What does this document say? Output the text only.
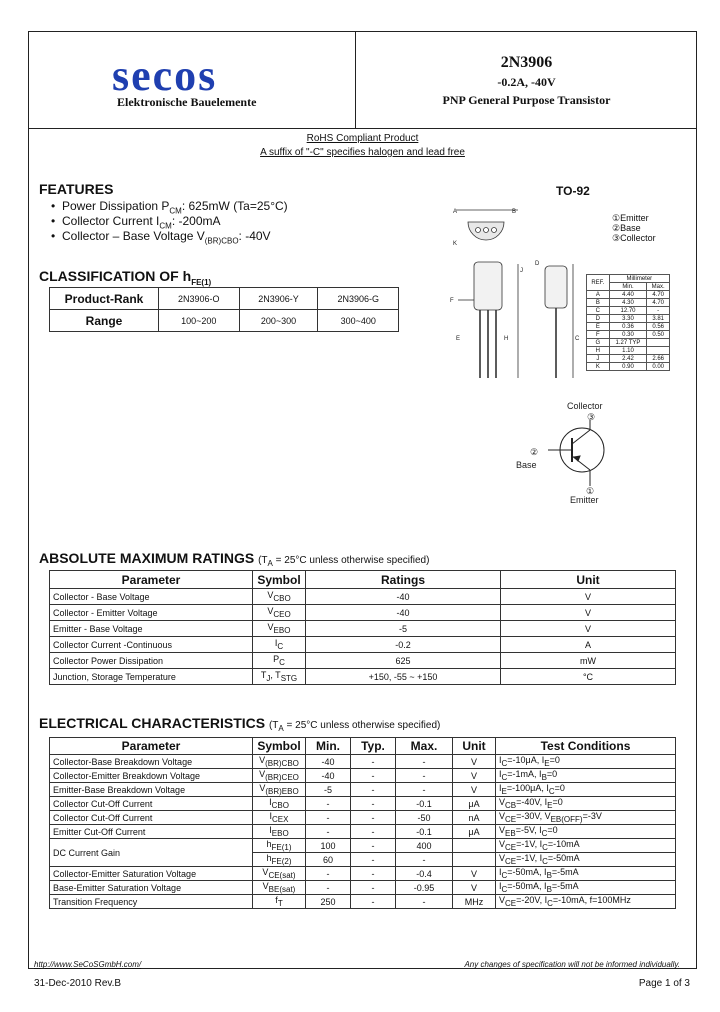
secos
Elektronische Bauelemente
2N3906
-0.2A, -40V
PNP General Purpose Transistor
RoHS Compliant Product
A suffix of "-C" specifies halogen and lead free
FEATURES
• Power Dissipation $P_{CM}$: 625mW (Ta=25°C)
• Collector Current $I_{CM}$: -200mA
• Collector – Base Voltage $V_{(BR)CBO}$: -40V
CLASSIFICATION OF $h_{FE(1)}$
Product-Rank	2N3906-O	2N3906-Y	2N3906-G
Range	100~200	200~300	300~400
TO-92
A	B
K
J
F
E	H
D
C
①Emitter
②Base
③Collector
REF.	Millimeter	
	Min.	Max.
A	4.40	4.70
B	4.30	4.70
C	12.70	-
D	3.30	3.81
E	0.36	0.56
F	0.30	0.50
G	1.27 TYP	
H	1.10	
J	2.42	2.66
K	0.90	0.00
Collector
③
②
Base
①
Emitter
ABSOLUTE MAXIMUM RATINGS ($T_A = 25^\circ C$ unless otherwise specified)
Parameter	Symbol	Ratings	Unit
Collector - Base Voltage	$V_{CBO}$	-40	V
Collector - Emitter Voltage	$V_{CEO}$	-40	V
Emitter - Base Voltage	$V_{EBO}$	-5	V
Collector Current -Continuous	$I_C$	-0.2	A
Collector Power Dissipation	$P_C$	625	mW
Junction, Storage Temperature	$T_J$, $T_{STG}$	+150, -55 ~ +150	°C
ELECTRICAL CHARACTERISTICS ($T_A = 25^\circ C$ unless otherwise specified)
Parameter	Symbol	Min.	Typ.	Max.	Unit	Test Conditions
Collector-Base Breakdown Voltage	$V_{(BR)CBO}$	-40	-	-	V	$I_C=-10\mu A$, $I_E=0$
Collector-Emitter Breakdown Voltage	$V_{(BR)CEO}$	-40	-	-	V	$I_C=-1mA$, $I_B=0$
Emitter-Base Breakdown Voltage	$V_{(BR)EBO}$	-5	-	-	V	$I_E=-100\mu A$, $I_C=0$
Collector Cut-Off Current	$I_{CBO}$	-	-	-0.1	μA	$V_{CB}=-40V$, $I_E=0$
Collector Cut-Off Current	$I_{CEX}$	-	-	-50	nA	$V_{CE}=-30V$, $V_{EB(OFF)}=-3V$
Emitter Cut-Off Current	$I_{EBO}$	-	-	-0.1	μA	$V_{EB}=-5V$, $I_C=0$
DC Current Gain	$h_{FE(1)}$	100	-	400		$V_{CE}=-1V$, $I_C=-10mA$
	$h_{FE(2)}$	60	-	-		$V_{CE}=-1V$, $I_C=-50mA$
Collector-Emitter Saturation Voltage	$V_{CE(sat)}$	-	-	-0.4	V	$I_C=-50mA$, $I_B=-5mA$
Base-Emitter Saturation Voltage	$V_{BE(sat)}$	-	-	-0.95	V	$I_C=-50mA$, $I_B=-5mA$
Transition Frequency	$f_T$	250	-	-	MHz	$V_{CE}=-20V$, $I_C=-10mA$, f=100MHz
http://www.SeCoSGmbH.com/	Any changes of specification will not be informed individually.
31-Dec-2010 Rev.B	Page 1 of 3
